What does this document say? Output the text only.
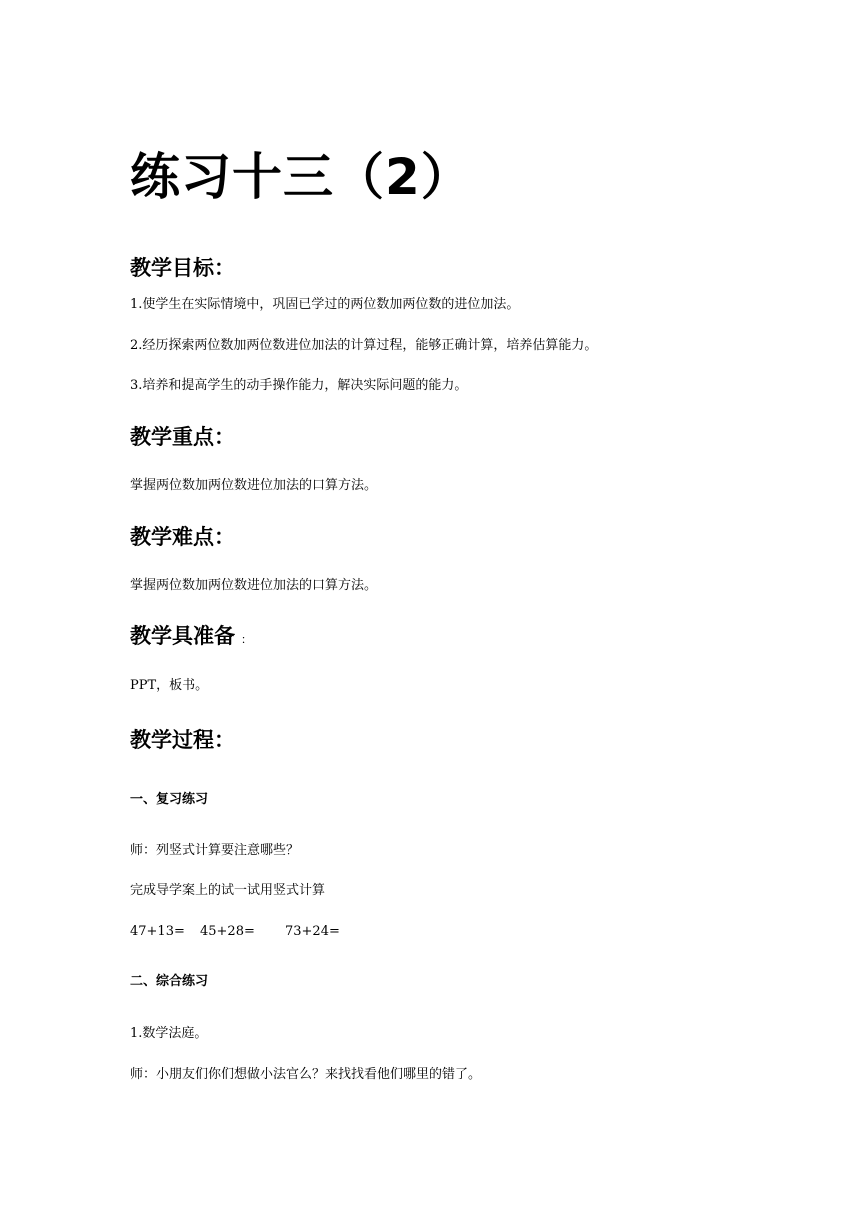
练习十三（2）
教学目标：
1.使学生在实际情境中，巩固已学过的两位数加两位数的进位加法。
2.经历探索两位数加两位数进位加法的计算过程，能够正确计算，培养估算能力。
3.培养和提高学生的动手操作能力，解决实际问题的能力。
教学重点：
掌握两位数加两位数进位加法的口算方法。
教学难点：
掌握两位数加两位数进位加法的口算方法。
教学具准备 ：
PPT，板书。
教学过程：
一、复习练习
师：列竖式计算要注意哪些？
完成导学案上的试一试用竖式计算
47+13= 45+28= 73+24=
二、综合练习
1.数学法庭。
师：小朋友们你们想做小法官么？来找找看他们哪里的错了。
